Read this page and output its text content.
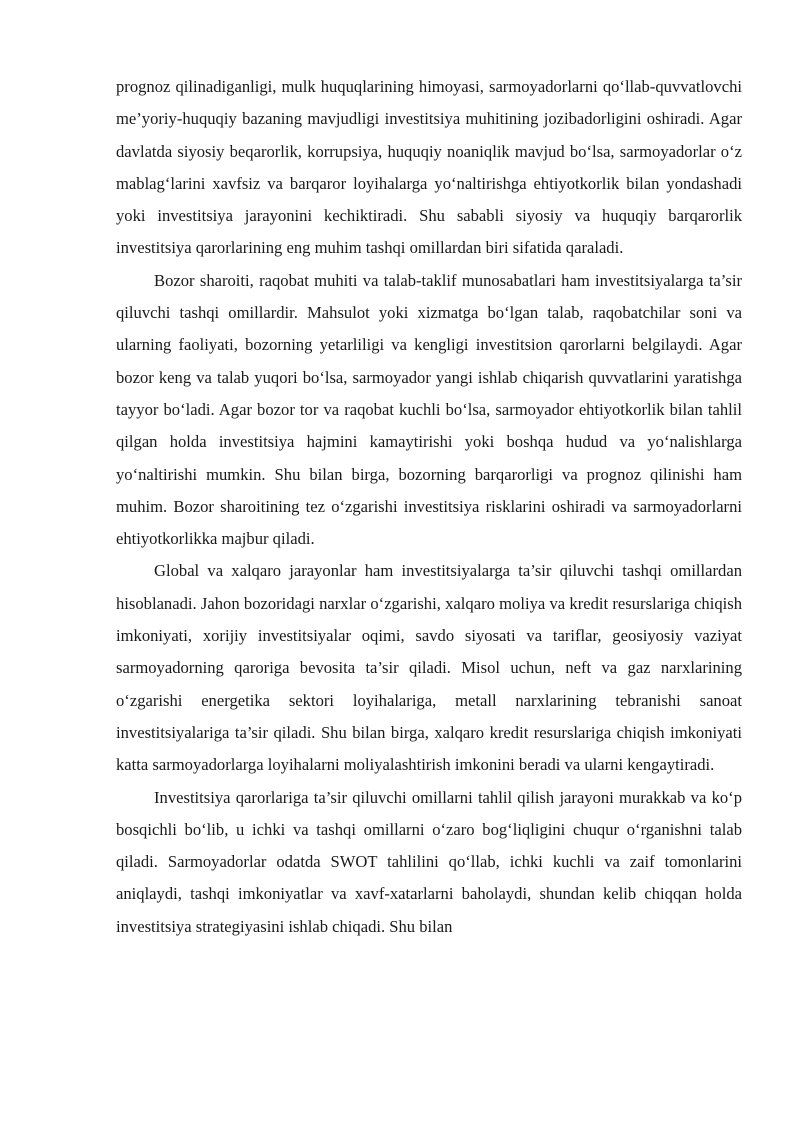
prognoz qilinadiganligi, mulk huquqlarining himoyasi, sarmoyadorlarni qo‘llab-quvvatlovchi me’yoriy-huquqiy bazaning mavjudligi investitsiya muhitining jozibadorligini oshiradi. Agar davlatda siyosiy beqarorlik, korrupsiya, huquqiy noaniqlik mavjud bo‘lsa, sarmoyadorlar o‘z mablag‘larini xavfsiz va barqaror loyihalarga yo‘naltirishga ehtiyotkorlik bilan yondashadi yoki investitsiya jarayonini kechiktiradi. Shu sababli siyosiy va huquqiy barqarorlik investitsiya qarorlarining eng muhim tashqi omillardan biri sifatida qaraladi.

Bozor sharoiti, raqobat muhiti va talab-taklif munosabatlari ham investitsiyalarga ta’sir qiluvchi tashqi omillardir. Mahsulot yoki xizmatga bo‘lgan talab, raqobatchilar soni va ularning faoliyati, bozorning yetarliligi va kengligi investitsion qarorlarni belgilaydi. Agar bozor keng va talab yuqori bo‘lsa, sarmoyador yangi ishlab chiqarish quvvatlarini yaratishga tayyor bo‘ladi. Agar bozor tor va raqobat kuchli bo‘lsa, sarmoyador ehtiyotkorlik bilan tahlil qilgan holda investitsiya hajmini kamaytirishi yoki boshqa hudud va yo‘nalishlarga yo‘naltirishi mumkin. Shu bilan birga, bozorning barqarorligi va prognoz qilinishi ham muhim. Bozor sharoitining tez o‘zgarishi investitsiya risklarini oshiradi va sarmoyadorlarni ehtiyotkorlikka majbur qiladi.

Global va xalqaro jarayonlar ham investitsiyalarga ta’sir qiluvchi tashqi omillardan hisoblanadi. Jahon bozoridagi narxlar o‘zgarishi, xalqaro moliya va kredit resurslariga chiqish imkoniyati, xorijiy investitsiyalar oqimi, savdo siyosati va tariflar, geosiyosiy vaziyat sarmoyadorning qaroriga bevosita ta’sir qiladi. Misol uchun, neft va gaz narxlarining o‘zgarishi energetika sektori loyihalariga, metall narxlarining tebranishi sanoat investitsiyalariga ta’sir qiladi. Shu bilan birga, xalqaro kredit resurslariga chiqish imkoniyati katta sarmoyadorlarga loyihalarni moliyalashtirish imkonini beradi va ularni kengaytiradi.

Investitsiya qarorlariga ta’sir qiluvchi omillarni tahlil qilish jarayoni murakkab va ko‘p bosqichli bo‘lib, u ichki va tashqi omillarni o‘zaro bog‘liqligini chuqur o‘rganishni talab qiladi. Sarmoyadorlar odatda SWOT tahlilini qo‘llab, ichki kuchli va zaif tomonlarini aniqlaydi, tashqi imkoniyatlar va xavf-xatarlarni baholaydi, shundan kelib chiqqan holda investitsiya strategiyasini ishlab chiqadi. Shu bilan
